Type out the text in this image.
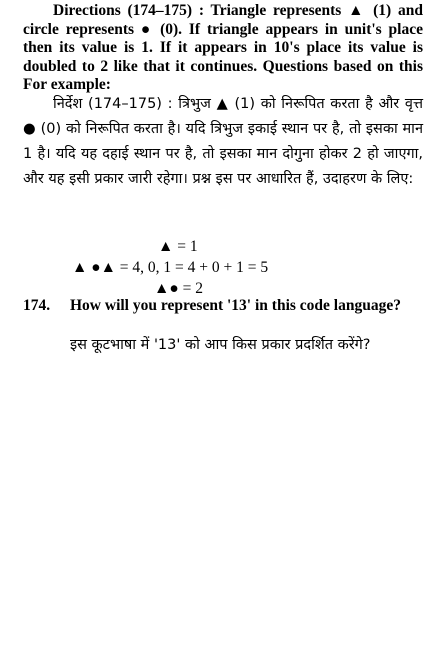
Directions (174–175) : Triangle represents ▲ (1) and circle represents ● (0). If triangle appears in unit's place then its value is 1. If it appears in 10's place its value is doubled to 2 like that it continues. Questions based on this For example:
निर्देश (174–175) : त्रिभुज ▲ (1) को निरूपित करता है और वृत्त ● (0) को निरूपित करता है। यदि त्रिभुज इकाई स्थान पर है, तो इसका मान 1 है। यदि यह दहाई स्थान पर है, तो इसका मान दोगुना होकर 2 हो जाएगा, और यह इसी प्रकार जारी रहेगा। प्रश्न इस पर आधारित हैं, उदाहरण के लिए:
▲ = 1
▲ ●▲ = 4, 0, 1 = 4 + 0 + 1 = 5
▲● = 2
174. How will you represent '13' in this code language?
इस कूटभाषा में '13' को आप किस प्रकार प्रदर्शित करेंगे?
